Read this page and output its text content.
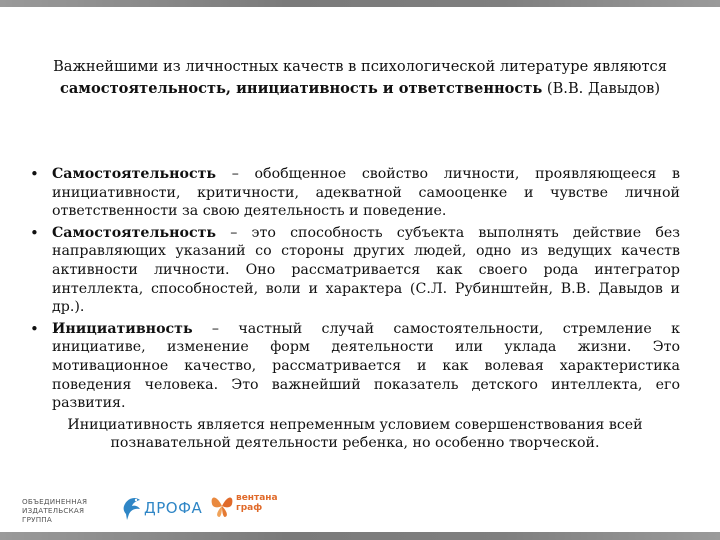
Важнейшими из личностных качеств в психологической литературе являются
самостоятельность, инициативность и ответственность (В.В. Давыдов)
• Самостоятельность – обобщенное свойство личности, проявляющееся в инициативности, критичности, адекватной самооценке и чувстве личной ответственности за свою деятельность и поведение.
• Самостоятельность – это способность субъекта выполнять действие без направляющих указаний со стороны других людей, одно из ведущих качеств активности личности. Оно рассматривается как своего рода интегратор интеллекта, способностей, воли и характера (С.Л. Рубинштейн, В.В. Давыдов и др.).
• Инициативность – частный случай самостоятельности, стремление к инициативе, изменение форм деятельности или уклада жизни. Это мотивационное качество, рассматривается и как волевая характеристика поведения человека. Это важнейший показатель детского интеллекта, его развития.
Инициативность является непременным условием совершенствования всей познавательной деятельности ребенка, но особенно творческой.
ОБЪЕДИНЕННАЯ
ИЗДАТЕЛЬСКАЯ ГРУППА
ДРОФА
вентана
граф
